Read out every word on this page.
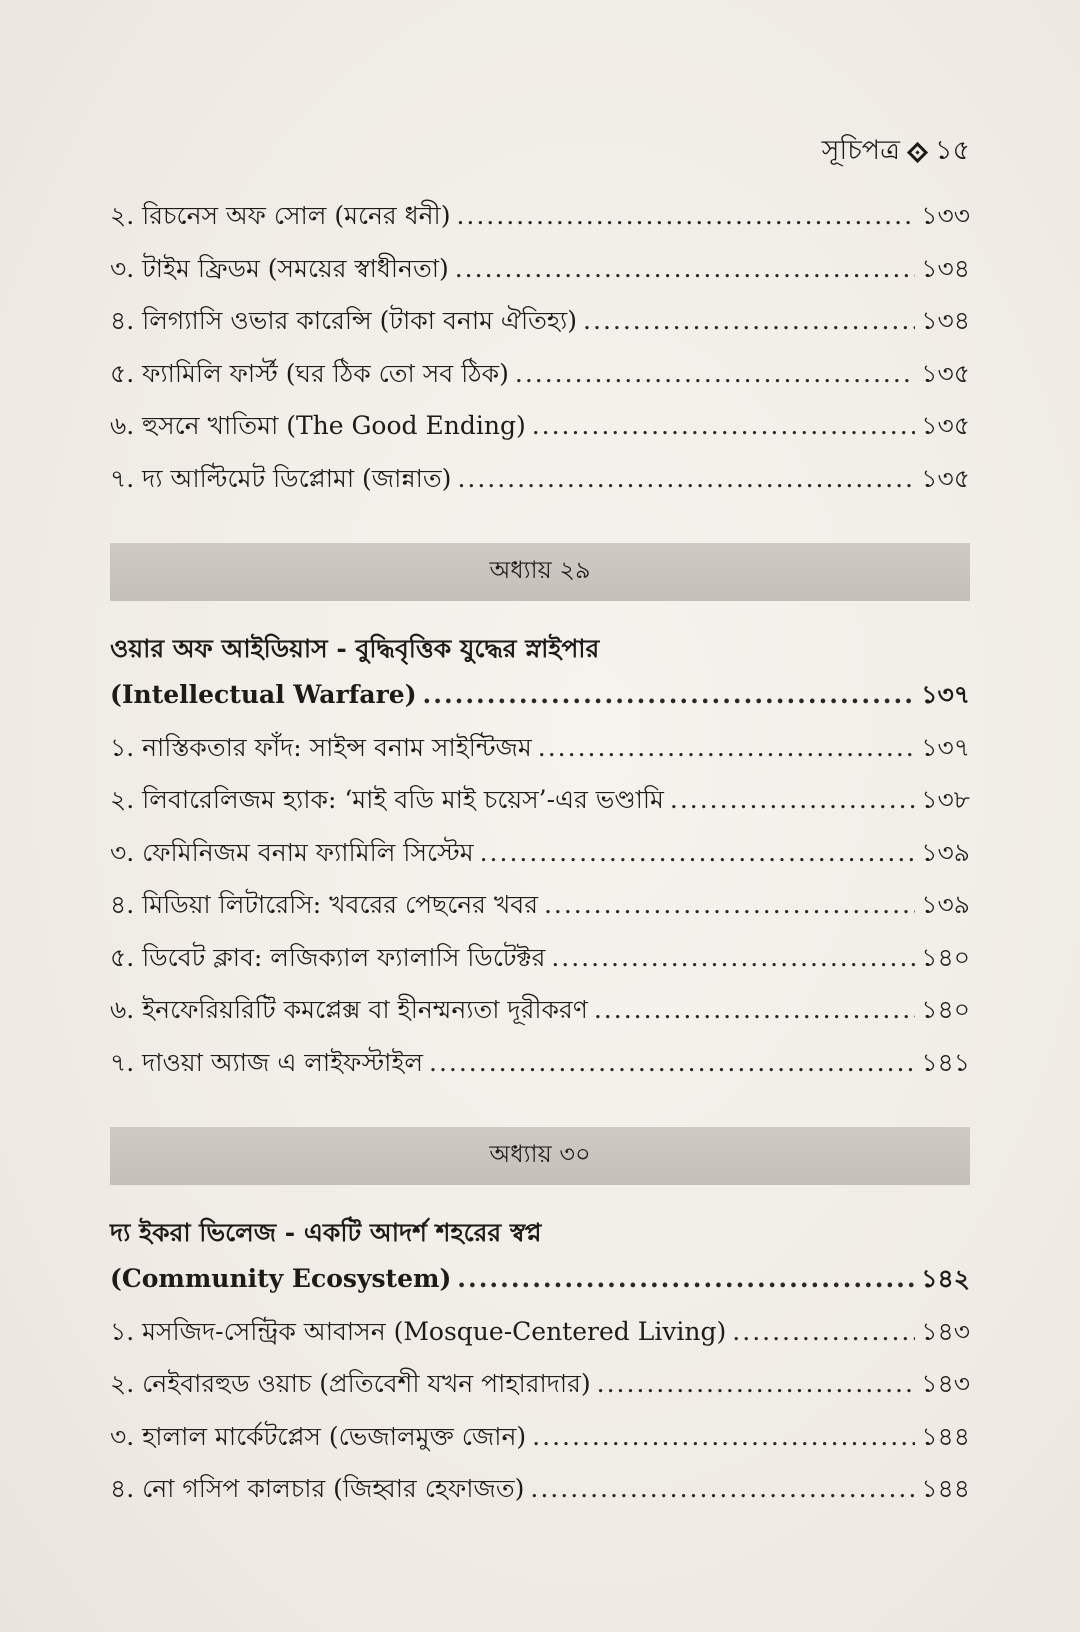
সূচিপত্র ১৫
২. রিচনেস অফ সোল (মনের ধনী) .....	১৩৩
৩. টাইম ফ্রিডম (সময়ের স্বাধীনতা) .....	১৩৪
৪. লিগ্যাসি ওভার কারেন্সি (টাকা বনাম ঐতিহ্য) .....	১৩৪
৫. ফ্যামিলি ফার্স্ট (ঘর ঠিক তো সব ঠিক) .....	১৩৫
৬. হুসনে খাতিমা (The Good Ending) .....	১৩৫
৭. দ্য আল্টিমেট ডিপ্লোমা (জান্নাত) .....	১৩৫
অধ্যায় ২৯
ওয়ার অফ আইডিয়াস - বুদ্ধিবৃত্তিক যুদ্ধের স্নাইপার
(Intellectual Warfare) .....	১৩৭
১. নাস্তিকতার ফাঁদ: সাইন্স বনাম সাইন্টিজম .....	১৩৭
২. লিবারেলিজম হ্যাক: ‘মাই বডি মাই চয়েস’-এর ভণ্ডামি .....	১৩৮
৩. ফেমিনিজম বনাম ফ্যামিলি সিস্টেম .....	১৩৯
৪. মিডিয়া লিটারেসি: খবরের পেছনের খবর .....	১৩৯
৫. ডিবেট ক্লাব: লজিক্যাল ফ্যালাসি ডিটেক্টর .....	১৪০
৬. ইনফেরিয়রিটি কমপ্লেক্স বা হীনম্মন্যতা দূরীকরণ .....	১৪০
৭. দাওয়া অ্যাজ এ লাইফস্টাইল .....	১৪১
অধ্যায় ৩০
দ্য ইকরা ভিলেজ - একটি আদর্শ শহরের স্বপ্ন
(Community Ecosystem) .....	১৪২
১. মসজিদ-সেন্ট্রিক আবাসন (Mosque-Centered Living) .....	১৪৩
২. নেইবারহুড ওয়াচ (প্রতিবেশী যখন পাহারাদার) .....	১৪৩
৩. হালাল মার্কেটপ্লেস (ভেজালমুক্ত জোন) .....	১৪৪
৪. নো গসিপ কালচার (জিহ্বার হেফাজত) .....	১৪৪
